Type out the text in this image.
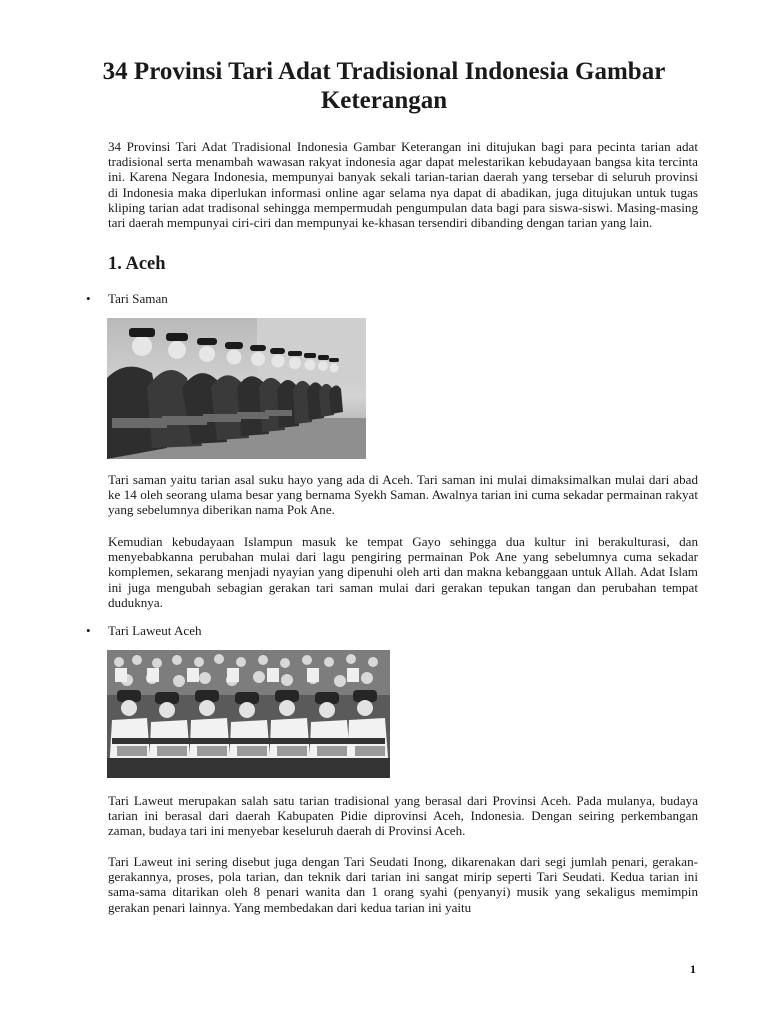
34 Provinsi Tari Adat Tradisional Indonesia Gambar Keterangan
34 Provinsi Tari Adat Tradisional Indonesia Gambar Keterangan ini ditujukan bagi para pecinta tarian adat tradisional serta menambah wawasan rakyat indonesia agar dapat melestarikan kebudayaan bangsa kita tercinta ini. Karena Negara Indonesia, mempunyai banyak sekali tarian-tarian daerah yang tersebar di seluruh provinsi di Indonesia maka diperlukan informasi online agar selama nya dapat di abadikan, juga ditujukan untuk tugas kliping tarian adat tradisonal sehingga mempermudah pengumpulan data bagi para siswa-siswi. Masing-masing tari daerah mempunyai ciri-ciri dan mempunyai ke-khasan tersendiri dibanding dengan tarian yang lain.
1. Aceh
• Tari Saman
Tari saman yaitu tarian asal suku hayo yang ada di Aceh. Tari saman ini mulai dimaksimalkan mulai dari abad ke 14 oleh seorang ulama besar yang bernama Syekh Saman. Awalnya tarian ini cuma sekadar permainan rakyat yang sebelumnya diberikan nama Pok Ane.
Kemudian kebudayaan Islampun masuk ke tempat Gayo sehingga dua kultur ini berakulturasi, dan menyebabkanna perubahan mulai dari lagu pengiring permainan Pok Ane yang sebelumnya cuma sekadar komplemen, sekarang menjadi nyayian yang dipenuhi oleh arti dan makna kebanggaan untuk Allah. Adat Islam ini juga mengubah sebagian gerakan tari saman mulai dari gerakan tepukan tangan dan perubahan tempat duduknya.
• Tari Laweut Aceh
Tari Laweut merupakan salah satu tarian tradisional yang berasal dari Provinsi Aceh. Pada mulanya, budaya tarian ini berasal dari daerah Kabupaten Pidie diprovinsi Aceh, Indonesia. Dengan seiring perkembangan zaman, budaya tari ini menyebar keseluruh daerah di Provinsi Aceh.
Tari Laweut ini sering disebut juga dengan Tari Seudati Inong, dikarenakan dari segi jumlah penari, gerakan-gerakannya, proses, pola tarian, dan teknik dari tarian ini sangat mirip seperti Tari Seudati. Kedua tarian ini sama-sama ditarikan oleh 8 penari wanita dan 1 orang syahi (penyanyi) musik yang sekaligus memimpin gerakan penari lainnya. Yang membedakan dari kedua tarian ini yaitu
1
